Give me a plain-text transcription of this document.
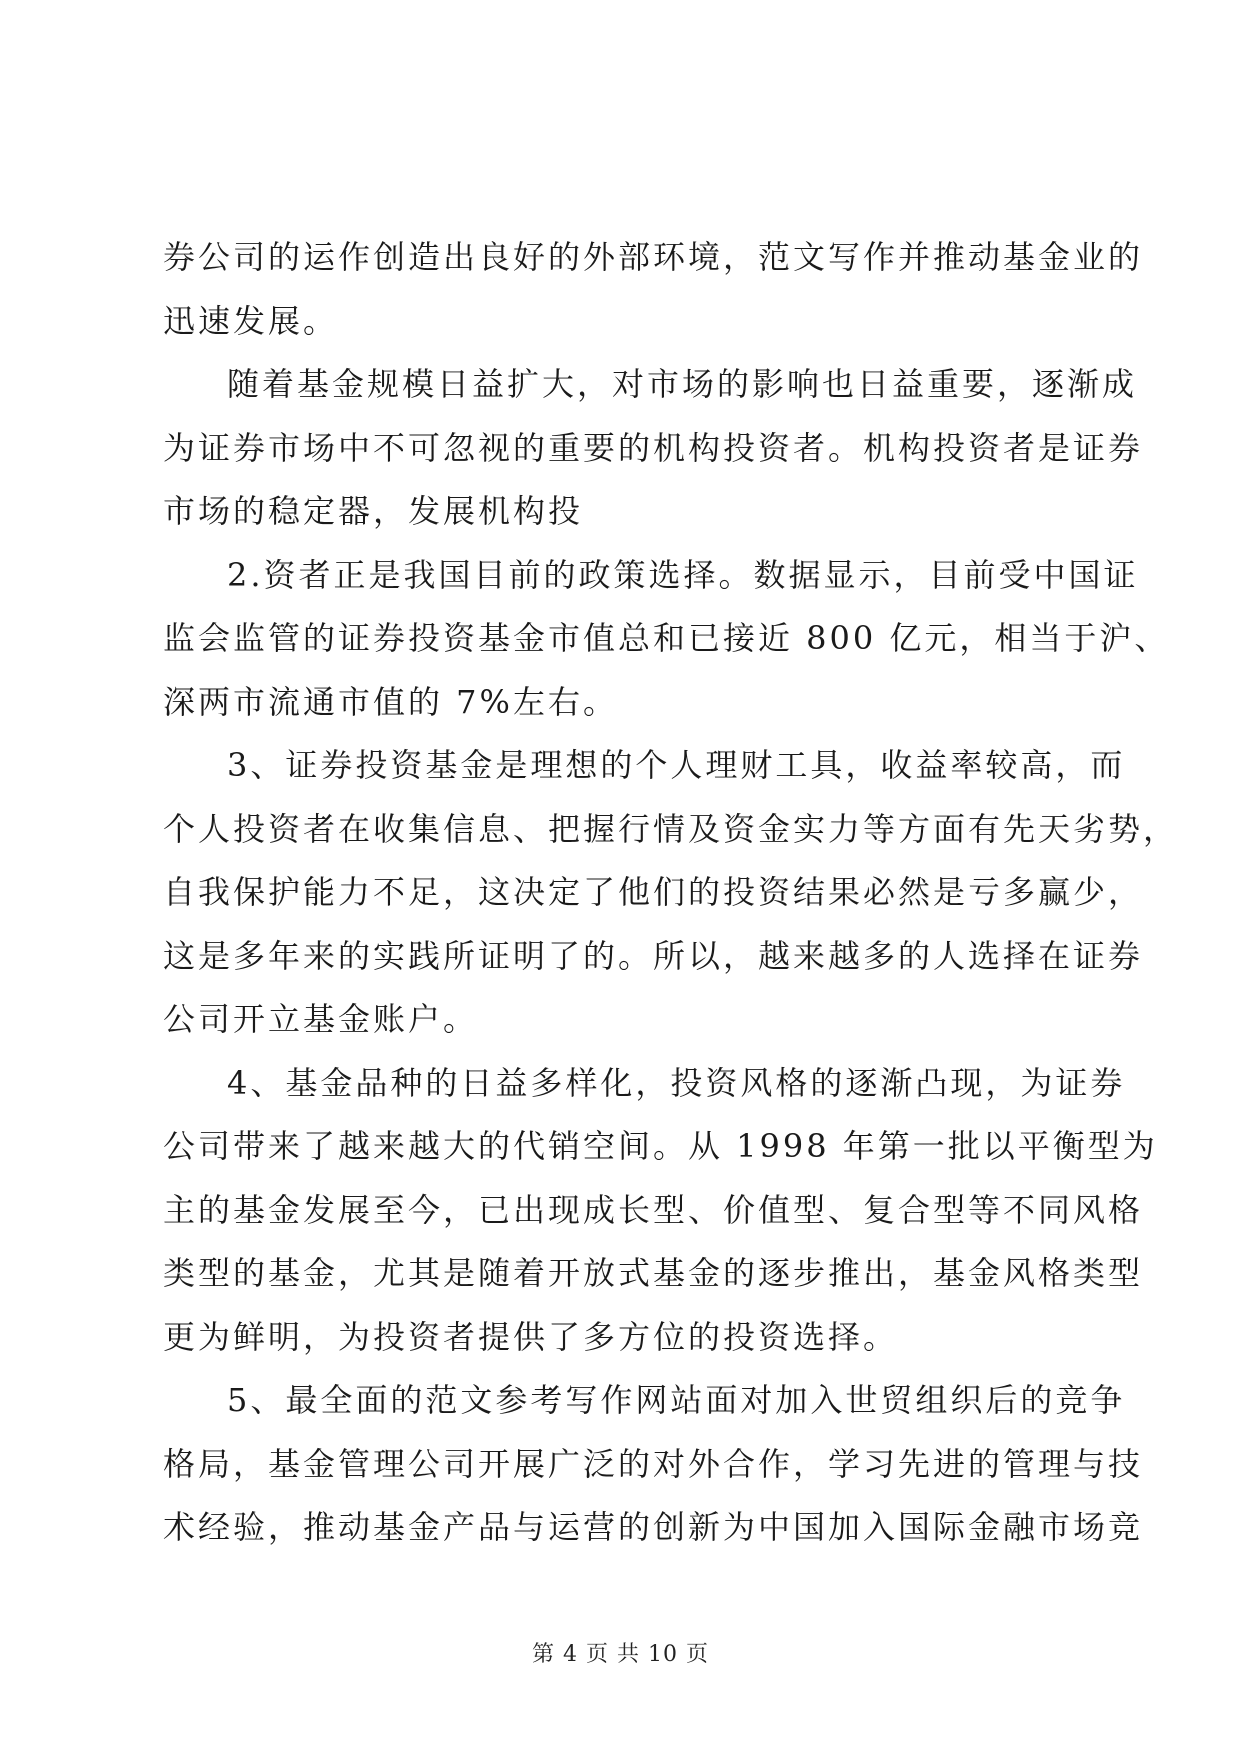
券公司的运作创造出良好的外部环境，范文写作并推动基金业的
迅速发展。
随着基金规模日益扩大，对市场的影响也日益重要，逐渐成
为证券市场中不可忽视的重要的机构投资者。机构投资者是证券
市场的稳定器，发展机构投
2.资者正是我国目前的政策选择。数据显示，目前受中国证
监会监管的证券投资基金市值总和已接近 800 亿元，相当于沪、
深两市流通市值的 7%左右。
3、证券投资基金是理想的个人理财工具，收益率较高，而
个人投资者在收集信息、把握行情及资金实力等方面有先天劣势，
自我保护能力不足，这决定了他们的投资结果必然是亏多赢少，
这是多年来的实践所证明了的。所以，越来越多的人选择在证券
公司开立基金账户。
4、基金品种的日益多样化，投资风格的逐渐凸现，为证券
公司带来了越来越大的代销空间。从 1998 年第一批以平衡型为
主的基金发展至今，已出现成长型、价值型、复合型等不同风格
类型的基金，尤其是随着开放式基金的逐步推出，基金风格类型
更为鲜明，为投资者提供了多方位的投资选择。
5、最全面的范文参考写作网站面对加入世贸组织后的竞争
格局，基金管理公司开展广泛的对外合作，学习先进的管理与技
术经验，推动基金产品与运营的创新为中国加入国际金融市场竞
第 4 页 共 10 页
